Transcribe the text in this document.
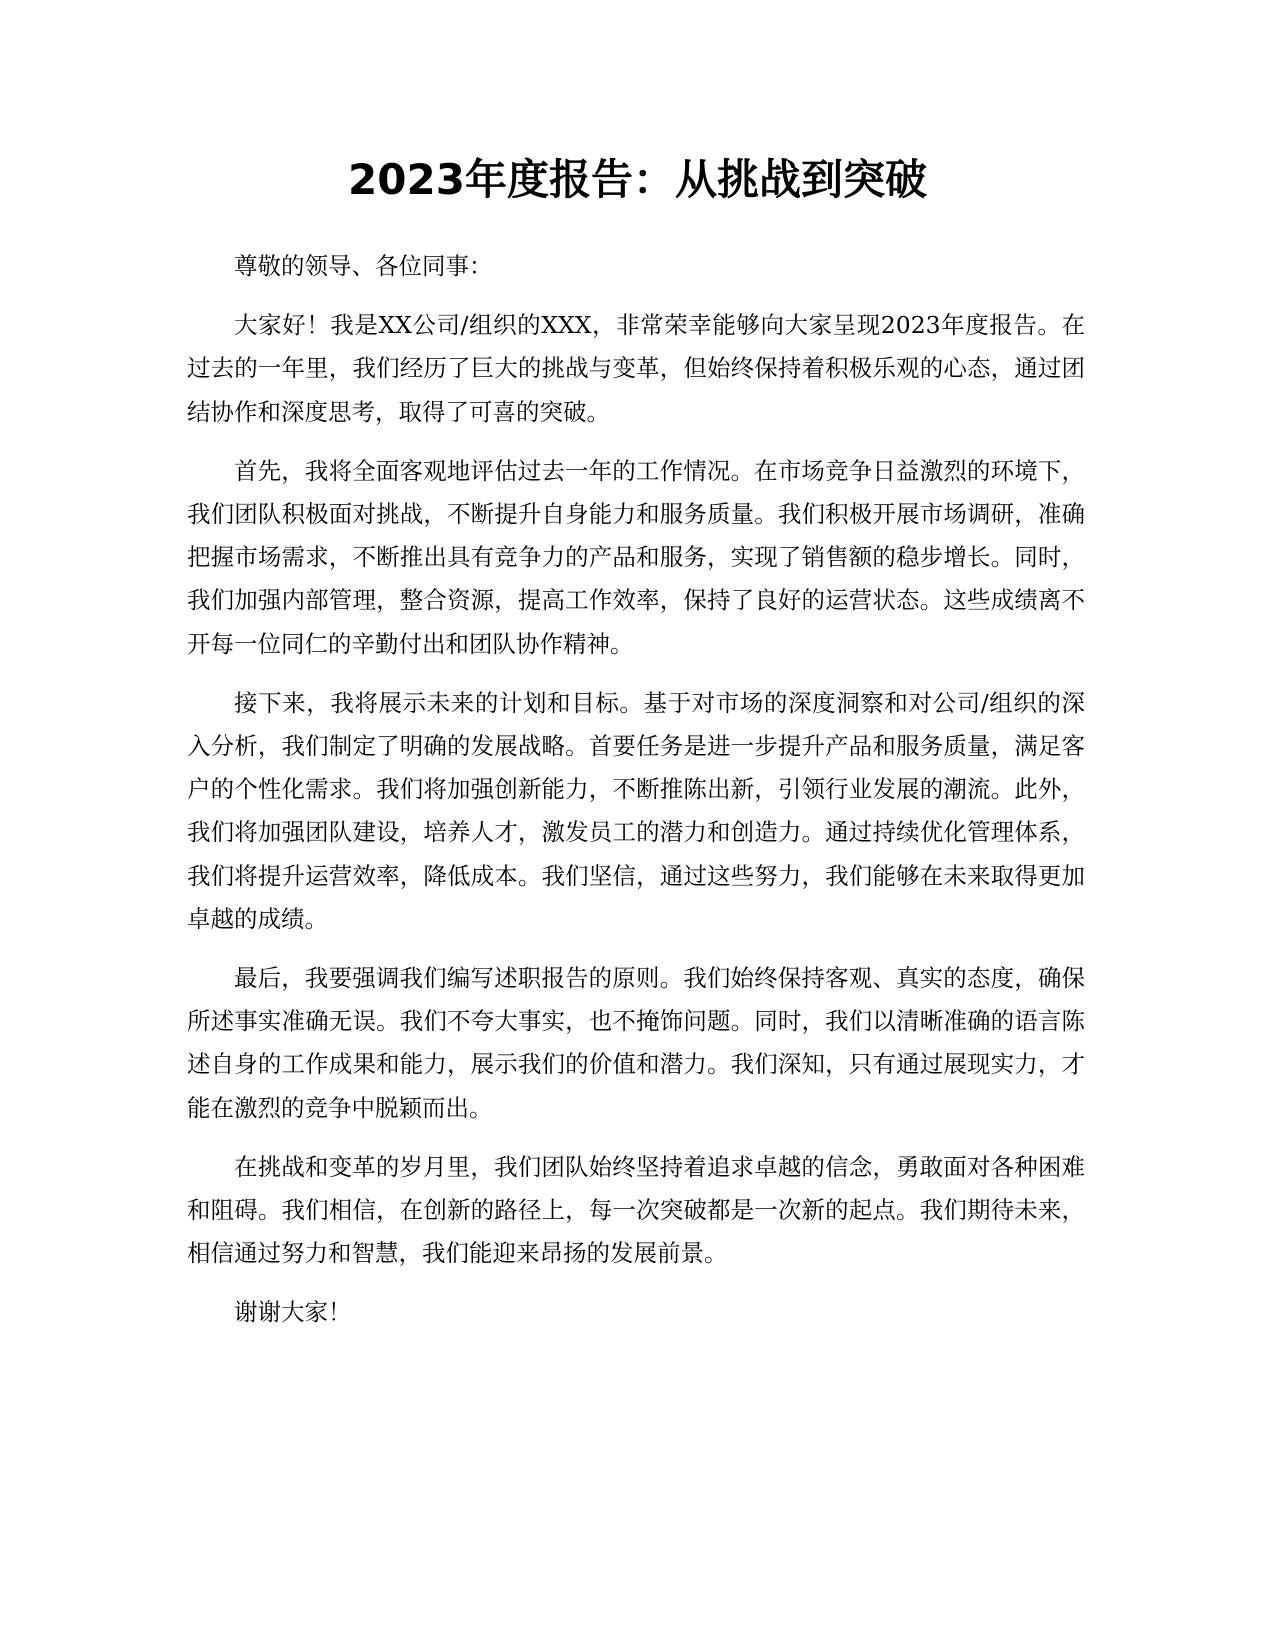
2023年度报告：从挑战到突破

尊敬的领导、各位同事：

大家好！我是XX公司/组织的XXX，非常荣幸能够向大家呈现2023年度报告。在过去的一年里，我们经历了巨大的挑战与变革，但始终保持着积极乐观的心态，通过团结协作和深度思考，取得了可喜的突破。

首先，我将全面客观地评估过去一年的工作情况。在市场竞争日益激烈的环境下，我们团队积极面对挑战，不断提升自身能力和服务质量。我们积极开展市场调研，准确把握市场需求，不断推出具有竞争力的产品和服务，实现了销售额的稳步增长。同时，我们加强内部管理，整合资源，提高工作效率，保持了良好的运营状态。这些成绩离不开每一位同仁的辛勤付出和团队协作精神。

接下来，我将展示未来的计划和目标。基于对市场的深度洞察和对公司/组织的深入分析，我们制定了明确的发展战略。首要任务是进一步提升产品和服务质量，满足客户的个性化需求。我们将加强创新能力，不断推陈出新，引领行业发展的潮流。此外，我们将加强团队建设，培养人才，激发员工的潜力和创造力。通过持续优化管理体系，我们将提升运营效率，降低成本。我们坚信，通过这些努力，我们能够在未来取得更加卓越的成绩。

最后，我要强调我们编写述职报告的原则。我们始终保持客观、真实的态度，确保所述事实准确无误。我们不夸大事实，也不掩饰问题。同时，我们以清晰准确的语言陈述自身的工作成果和能力，展示我们的价值和潜力。我们深知，只有通过展现实力，才能在激烈的竞争中脱颖而出。

在挑战和变革的岁月里，我们团队始终坚持着追求卓越的信念，勇敢面对各种困难和阻碍。我们相信，在创新的路径上，每一次突破都是一次新的起点。我们期待未来，相信通过努力和智慧，我们能迎来昂扬的发展前景。

谢谢大家！
